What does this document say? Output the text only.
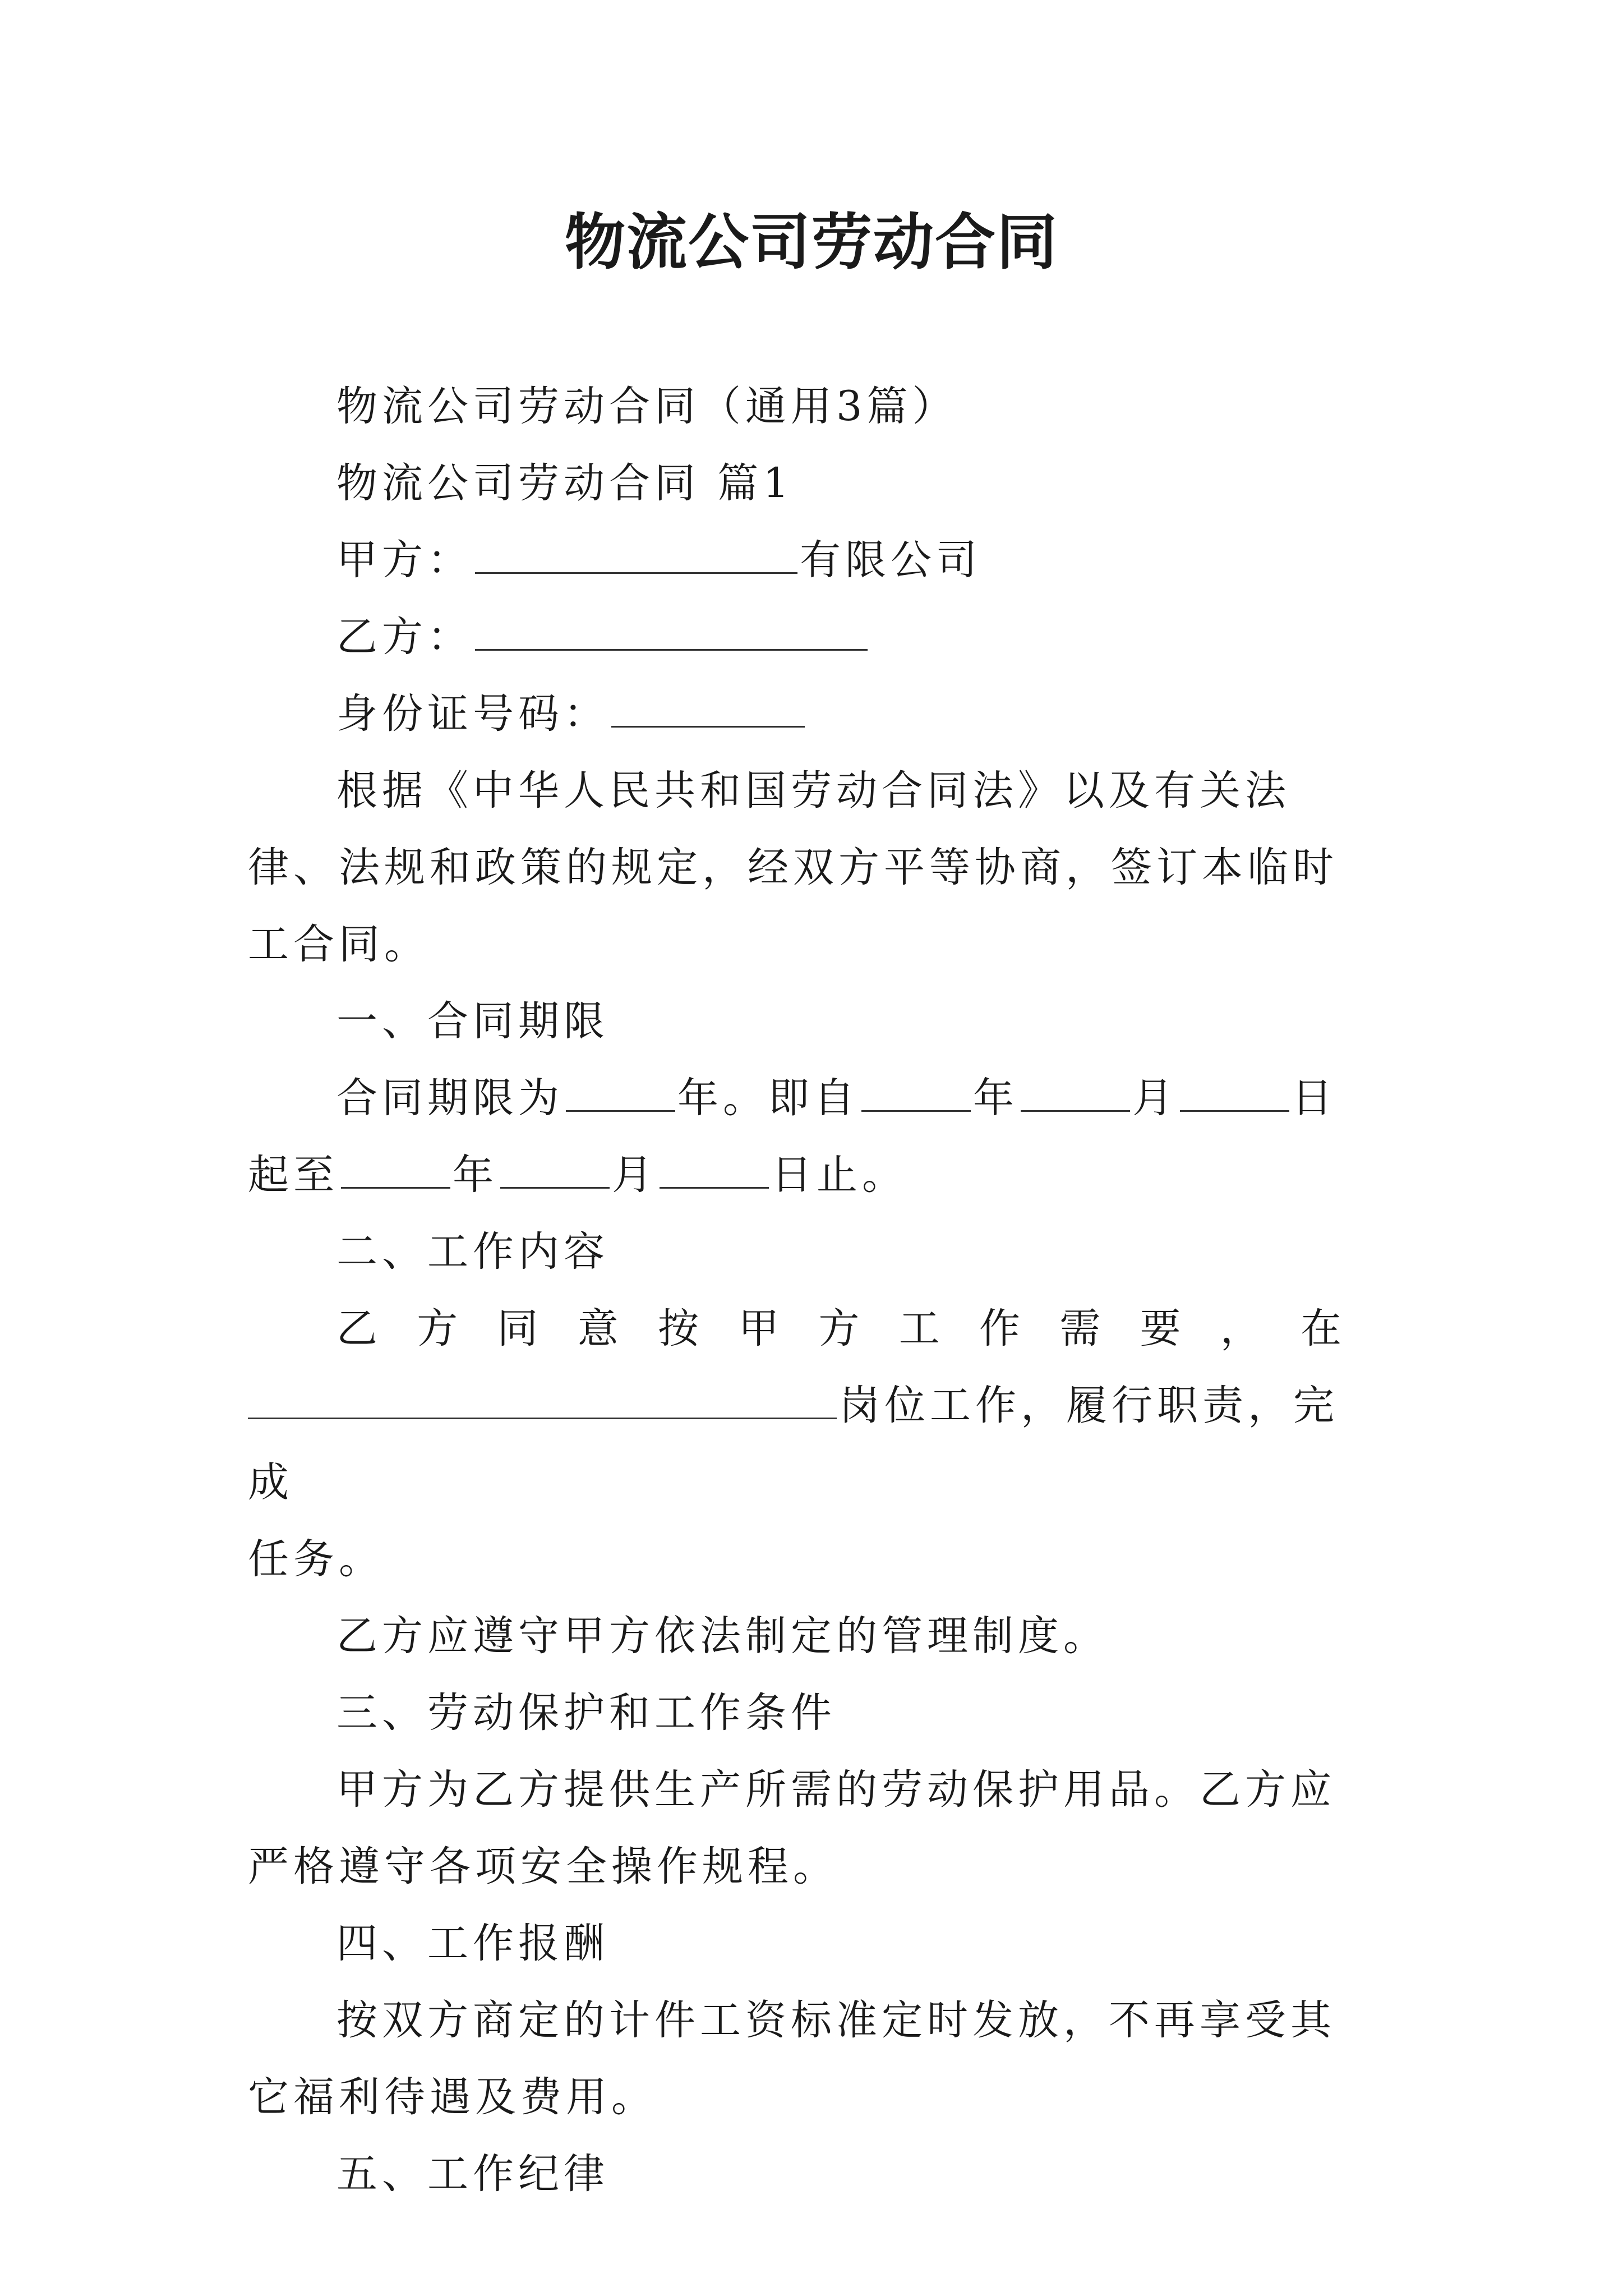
物流公司劳动合同

物流公司劳动合同（通用3篇）

物流公司劳动合同 篇1

甲方：	有限公司

乙方：

身份证号码：

根据《中华人民共和国劳动合同法》以及有关法律、法规和政策的规定，经双方平等协商，签订本临时工合同。

一、合同期限

合同期限为	年。即自	年	月	日起至	年	月	日止。

二、工作内容

乙方同意按甲方工作需要，在

岗位工作，履行职责，完成

任务。

乙方应遵守甲方依法制定的管理制度。

三、劳动保护和工作条件

甲方为乙方提供生产所需的劳动保护用品。乙方应严格遵守各项安全操作规程。

四、工作报酬

按双方商定的计件工资标准定时发放，不再享受其它福利待遇及费用。

五、工作纪律
